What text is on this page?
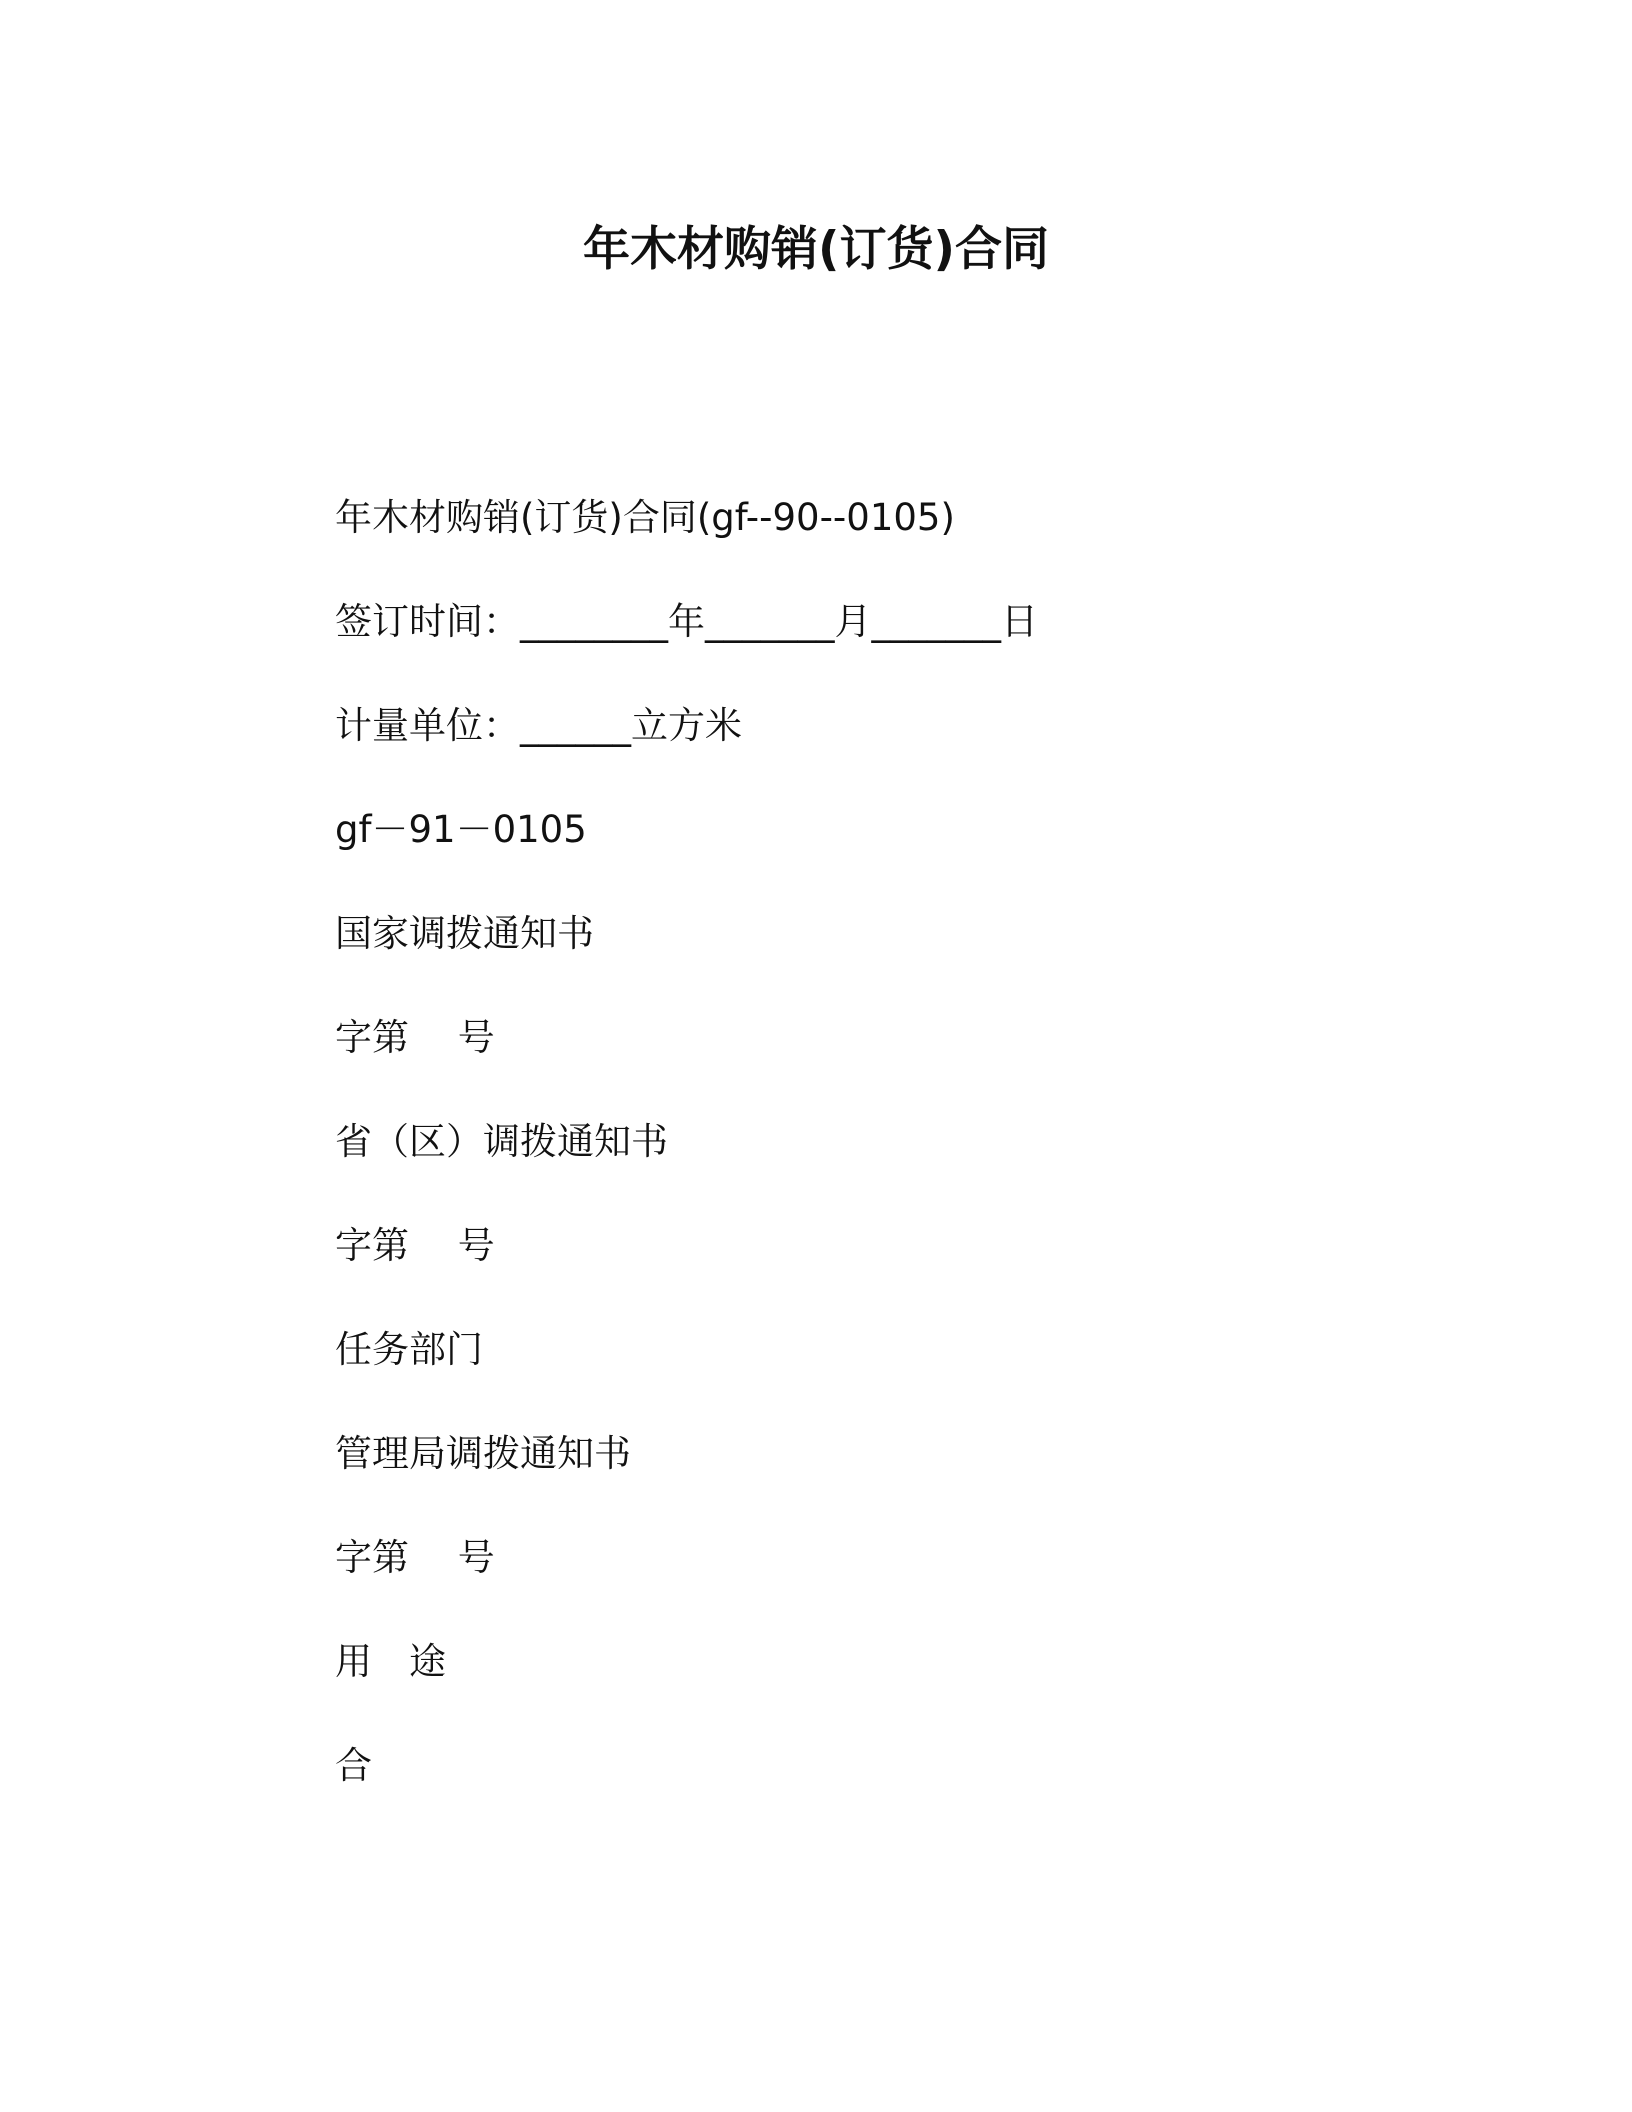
年木材购销(订货)合同

年木材购销(订货)合同(gf--90--0105)

签订时间：________年_______月_______日

计量单位：______立方米

gf－91－0105

国家调拨通知书

字第　 号

省（区）调拨通知书

字第　 号

任务部门

管理局调拨通知书

字第　 号

用　途

合
